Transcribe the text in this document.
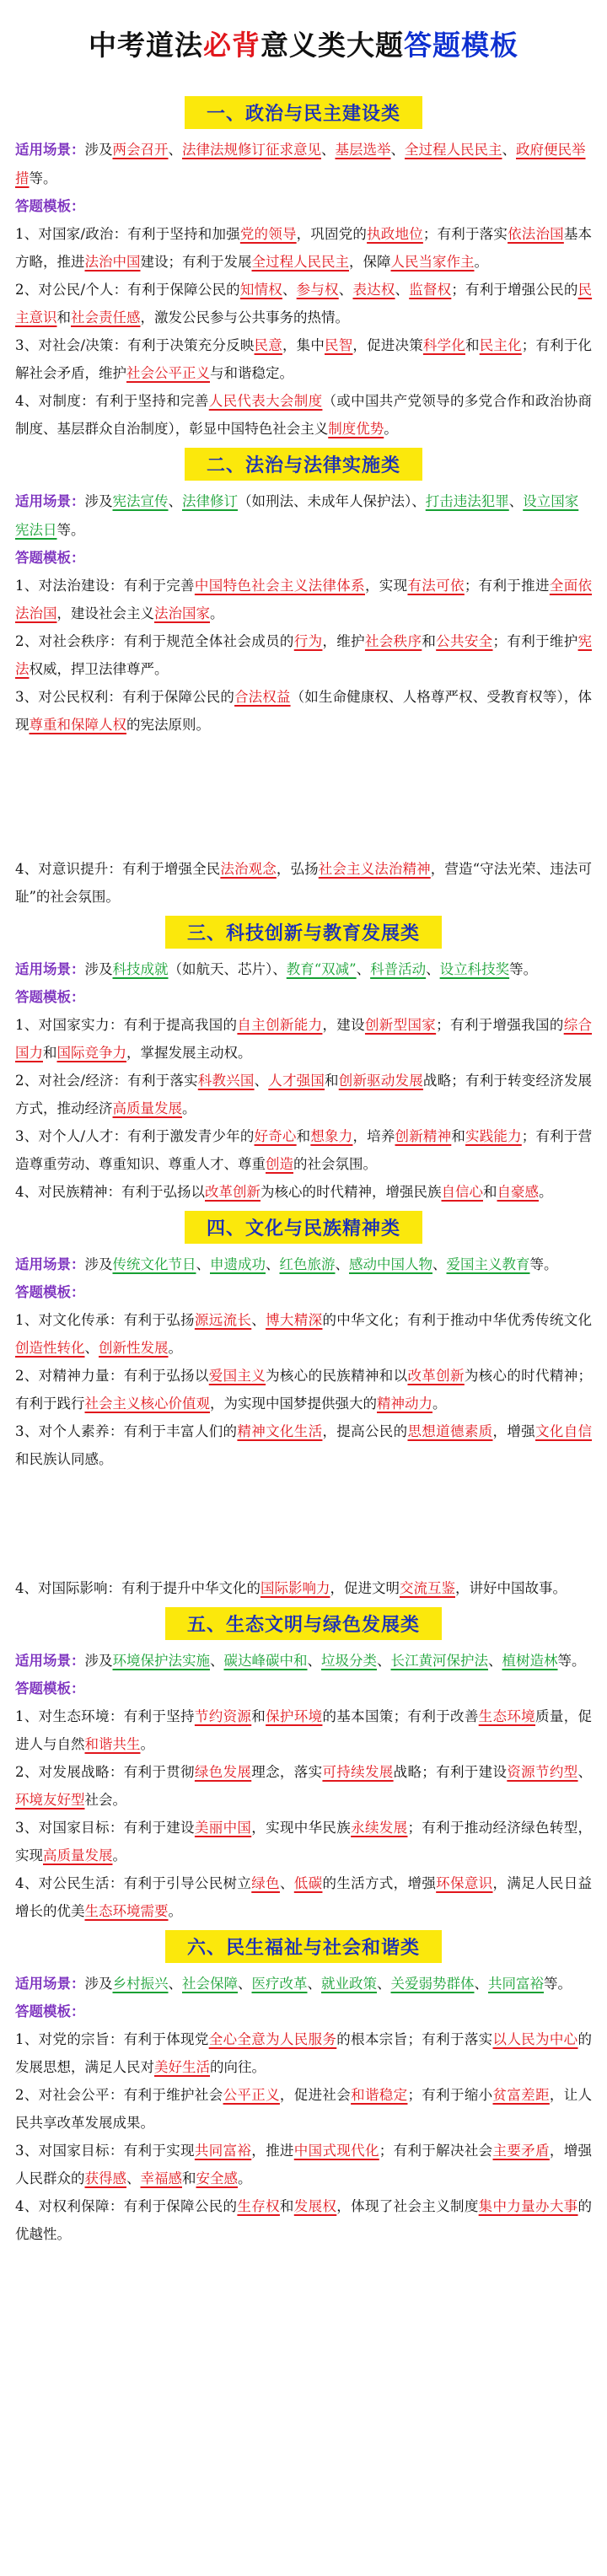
中考道法必背意义类大题答题模板
一、政治与民主建设类
适用场景：涉及两会召开、法律法规修订征求意见、基层选举、全过程人民民主、政府便民举措等。
答题模板：
1、对国家/政治：有利于坚持和加强党的领导，巩固党的执政地位；有利于落实依法治国基本方略，推进法治中国建设；有利于发展全过程人民民主，保障人民当家作主。
2、对公民/个人：有利于保障公民的知情权、参与权、表达权、监督权；有利于增强公民的民主意识和社会责任感，激发公民参与公共事务的热情。
3、对社会/决策：有利于决策充分反映民意，集中民智，促进决策科学化和民主化；有利于化解社会矛盾，维护社会公平正义与和谐稳定。
4、对制度：有利于坚持和完善人民代表大会制度（或中国共产党领导的多党合作和政治协商制度、基层群众自治制度），彰显中国特色社会主义制度优势。
二、法治与法律实施类
适用场景：涉及宪法宣传、法律修订（如刑法、未成年人保护法）、打击违法犯罪、设立国家宪法日等。
答题模板：
1、对法治建设：有利于完善中国特色社会主义法律体系，实现有法可依；有利于推进全面依法治国，建设社会主义法治国家。
2、对社会秩序：有利于规范全体社会成员的行为，维护社会秩序和公共安全；有利于维护宪法权威，捍卫法律尊严。
3、对公民权利：有利于保障公民的合法权益（如生命健康权、人格尊严权、受教育权等），体现尊重和保障人权的宪法原则。
4、对意识提升：有利于增强全民法治观念，弘扬社会主义法治精神，营造“守法光荣、违法可耻”的社会氛围。
三、科技创新与教育发展类
适用场景：涉及科技成就（如航天、芯片）、教育“双减”、科普活动、设立科技奖等。
答题模板：
1、对国家实力：有利于提高我国的自主创新能力，建设创新型国家；有利于增强我国的综合国力和国际竞争力，掌握发展主动权。
2、对社会/经济：有利于落实科教兴国、人才强国和创新驱动发展战略；有利于转变经济发展方式，推动经济高质量发展。
3、对个人/人才：有利于激发青少年的好奇心和想象力，培养创新精神和实践能力；有利于营造尊重劳动、尊重知识、尊重人才、尊重创造的社会氛围。
4、对民族精神：有利于弘扬以改革创新为核心的时代精神，增强民族自信心和自豪感。
四、文化与民族精神类
适用场景：涉及传统文化节日、申遗成功、红色旅游、感动中国人物、爱国主义教育等。
答题模板：
1、对文化传承：有利于弘扬源远流长、博大精深的中华文化；有利于推动中华优秀传统文化创造性转化、创新性发展。
2、对精神力量：有利于弘扬以爱国主义为核心的民族精神和以改革创新为核心的时代精神；有利于践行社会主义核心价值观，为实现中国梦提供强大的精神动力。
3、对个人素养：有利于丰富人们的精神文化生活，提高公民的思想道德素质，增强文化自信和民族认同感。
4、对国际影响：有利于提升中华文化的国际影响力，促进文明交流互鉴，讲好中国故事。
五、生态文明与绿色发展类
适用场景：涉及环境保护法实施、碳达峰碳中和、垃圾分类、长江黄河保护法、植树造林等。
答题模板：
1、对生态环境：有利于坚持节约资源和保护环境的基本国策；有利于改善生态环境质量，促进人与自然和谐共生。
2、对发展战略：有利于贯彻绿色发展理念，落实可持续发展战略；有利于建设资源节约型、环境友好型社会。
3、对国家目标：有利于建设美丽中国，实现中华民族永续发展；有利于推动经济绿色转型，实现高质量发展。
4、对公民生活：有利于引导公民树立绿色、低碳的生活方式，增强环保意识，满足人民日益增长的优美生态环境需要。
六、民生福祉与社会和谐类
适用场景：涉及乡村振兴、社会保障、医疗改革、就业政策、关爱弱势群体、共同富裕等。
答题模板：
1、对党的宗旨：有利于体现党全心全意为人民服务的根本宗旨；有利于落实以人民为中心的发展思想，满足人民对美好生活的向往。
2、对社会公平：有利于维护社会公平正义，促进社会和谐稳定；有利于缩小贫富差距，让人民共享改革发展成果。
3、对国家目标：有利于实现共同富裕，推进中国式现代化；有利于解决社会主要矛盾，增强人民群众的获得感、幸福感和安全感。
4、对权利保障：有利于保障公民的生存权和发展权，体现了社会主义制度集中力量办大事的优越性。
